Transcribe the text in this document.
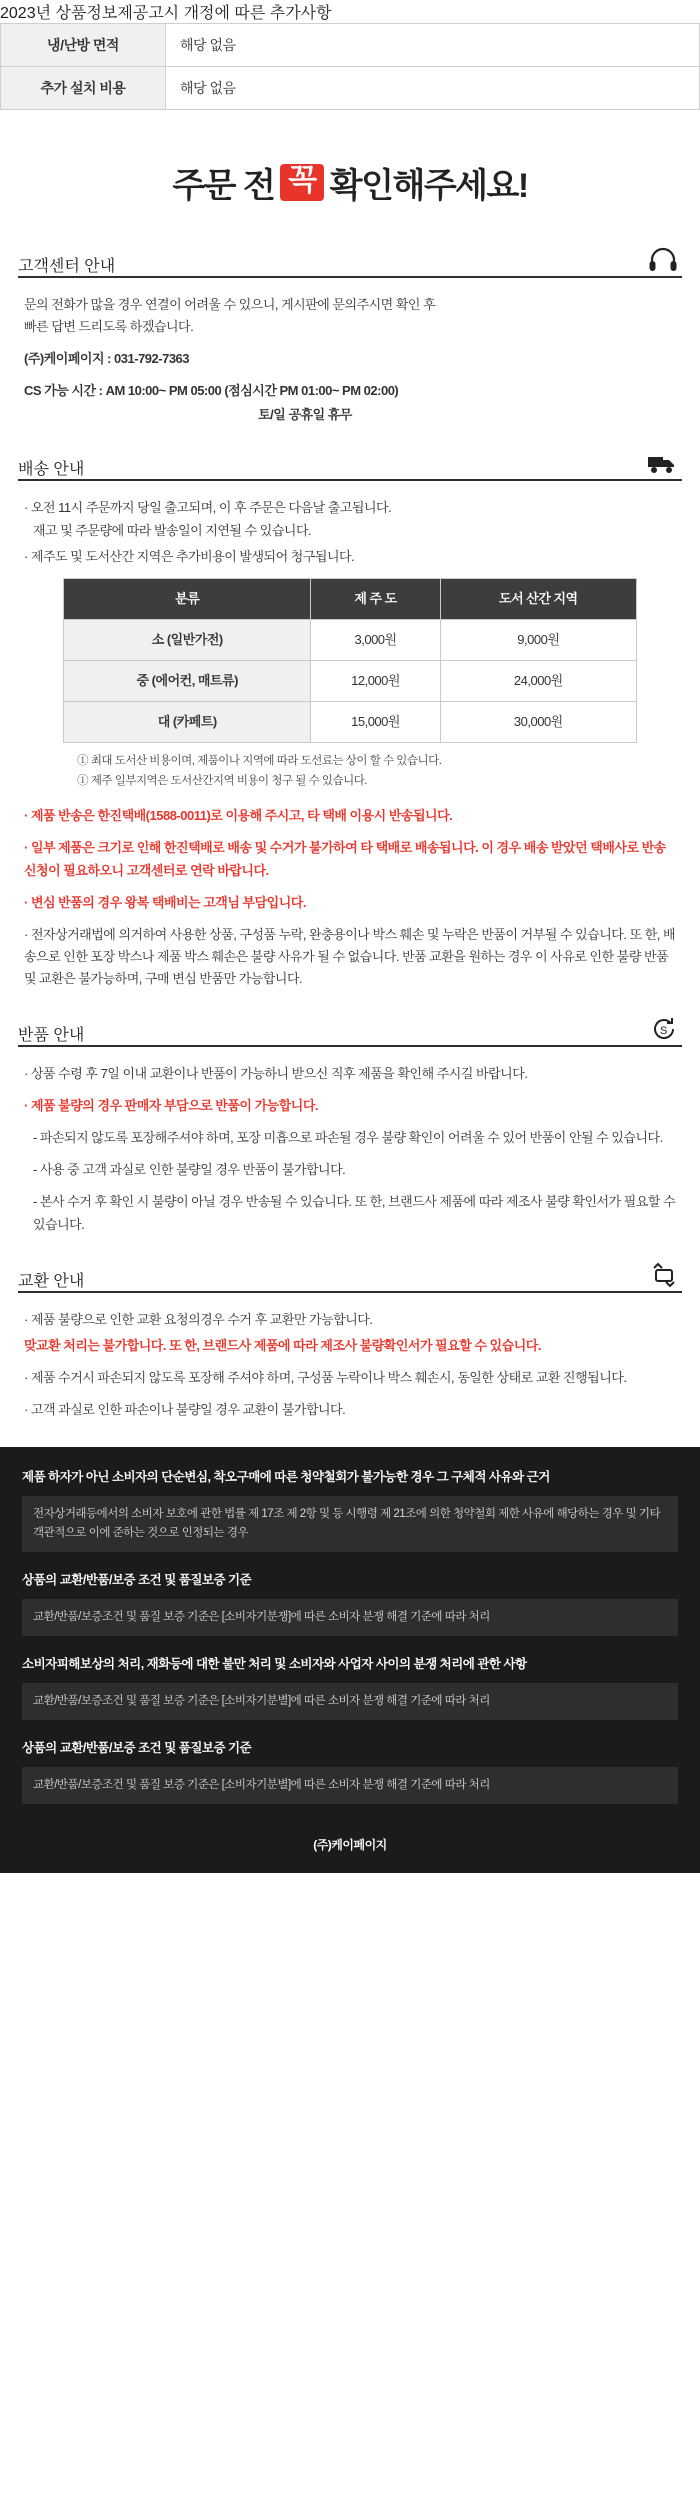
2023년 상품정보제공고시 개정에 따른 추가사항
냉/난방 면적	해당 없음
추가 설치 비용	해당 없음
주문 전 꼭 확인해주세요!
고객센터 안내

문의 전화가 많을 경우 연결이 어려울 수 있으니, 게시판에 문의주시면 확인 후
빠른 답변 드리도록 하겠습니다.

(주)케이페이지 : 031-792-7363

CS 가능 시간 : AM 10:00~ PM 05:00 (점심시간 PM 01:00~ PM 02:00)

토/일 공휴일 휴무

배송 안내

· 오전 11시 주문까지 당일 출고되며, 이 후 주문은 다음날 출고됩니다.
재고 및 주문량에 따라 발송일이 지연될 수 있습니다.

· 제주도 및 도서산간 지역은 추가비용이 발생되어 청구됩니다.

분류	제 주 도	도서 산간 지역
소 (일반가전)	3,000원	9,000원
중 (에어컨, 매트류)	12,000원	24,000원
대 (카페트)	15,000원	30,000원
① 최대 도서산 비용이며, 제품이나 지역에 따라 도선료는 상이 할 수 있습니다.
① 제주 일부지역은 도서산간지역 비용이 청구 될 수 있습니다.

· 제품 반송은 한진택배(1588-0011)로 이용해 주시고, 타 택배 이용시 반송됩니다.

· 일부 제품은 크기로 인해 한진택배로 배송 및 수거가 불가하여 타 택배로 배송됩니다. 이 경우 배송 받았던 택배사로 반송 신청이 필요하오니 고객센터로 연락 바랍니다.

· 변심 반품의 경우 왕복 택배비는 고객님 부담입니다.

· 전자상거래법에 의거하여 사용한 상품, 구성품 누락, 완충용이나 박스 훼손 및 누락은 반품이 거부될 수 있습니다. 또 한, 배송으로 인한 포장 박스나 제품 박스 훼손은 불량 사유가 될 수 없습니다. 반품 교환을 원하는 경우 이 사유로 인한 불량 반품 및 교환은 불가능하며, 구매 변심 반품만 가능합니다.

반품 안내	S

· 상품 수령 후 7일 이내 교환이나 반품이 가능하니 받으신 직후 제품을 확인해 주시길 바랍니다.

· 제품 불량의 경우 판매자 부담으로 반품이 가능합니다.

- 파손되지 않도록 포장해주셔야 하며, 포장 미흡으로 파손될 경우 불량 확인이 어려울 수 있어 반품이 안될 수 있습니다.

- 사용 중 고객 과실로 인한 불량일 경우 반품이 불가합니다.

- 본사 수거 후 확인 시 불량이 아닐 경우 반송될 수 있습니다. 또 한, 브랜드사 제품에 따라 제조사 불량 확인서가 필요할 수 있습니다.

교환 안내

· 제품 불량으로 인한 교환 요청의경우 수거 후 교환만 가능합니다.

맞교환 처리는 불가합니다. 또 한, 브랜드사 제품에 따라 제조사 불량확인서가 필요할 수 있습니다.

· 제품 수거시 파손되지 않도록 포장해 주셔야 하며, 구성품 누락이나 박스 훼손시, 동일한 상태로 교환 진행됩니다.

· 고객 과실로 인한 파손이나 불량일 경우 교환이 불가합니다.

제품 하자가 아닌 소비자의 단순변심, 착오구매에 따른 청약철회가 불가능한 경우 그 구체적 사유와 근거

전자상거래등에서의 소비자 보호에 관한 법률 제 17조 제 2항 및 등 시행령 제 21조에 의한 청약철회 제한 사유에 해당하는 경우 및 기타 객관적으로 이에 준하는 것으로 인정되는 경우

상품의 교환/반품/보증 조건 및 품질보증 기준

교환/반품/보증조건 및 품질 보증 기준은 [소비자기분쟁]에 따른 소비자 분쟁 해결 기준에 따라 처리

소비자피해보상의 처리, 재화등에 대한 불만 처리 및 소비자와 사업자 사이의 분쟁 처리에 관한 사항

교환/반품/보증조건 및 품질 보증 기준은 [소비자기분별]에 따른 소비자 분쟁 해결 기준에 따라 처리

상품의 교환/반품/보증 조건 및 품질보증 기준

교환/반품/보증조건 및 품질 보증 기준은 [소비자기분별]에 따른 소비자 분쟁 해결 기준에 따라 처리

(주)케이페이지
